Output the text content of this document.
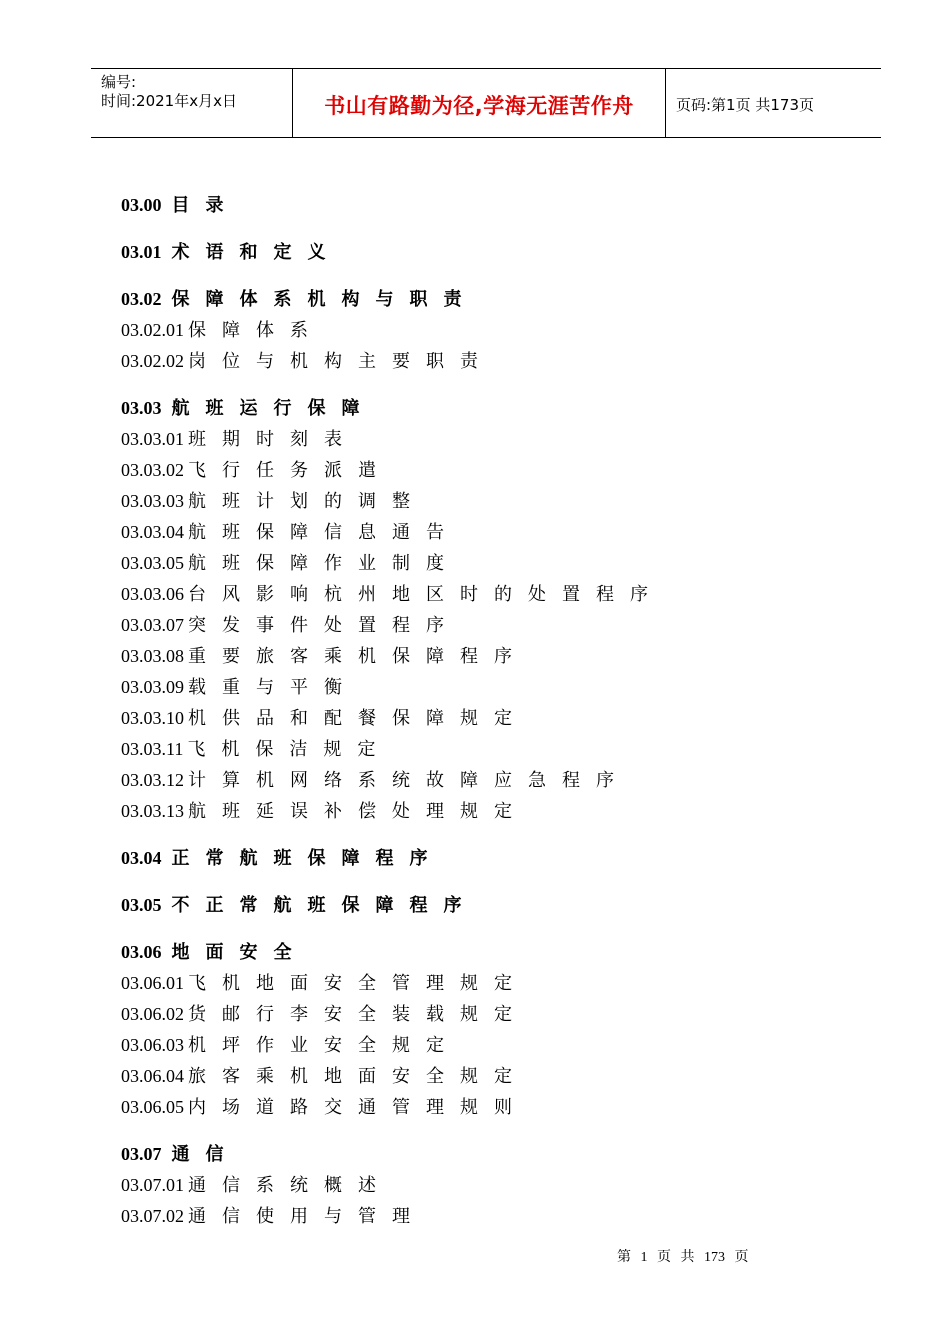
编号:
时间:2021年x月x日	书山有路勤为径,学海无涯苦作舟	页码:第1页 共173页
03.00 目录
03.01 术语和定义
03.02 保障体系机构与职责
03.02.01 保障体系
03.02.02 岗位与机构主要职责
03.03 航班运行保障
03.03.01 班期时刻表
03.03.02 飞行任务派遣
03.03.03 航班计划的调整
03.03.04 航班保障信息通告
03.03.05 航班保障作业制度
03.03.06 台风影响杭州地区时的处置程序
03.03.07 突发事件处置程序
03.03.08 重要旅客乘机保障程序
03.03.09 载重与平衡
03.03.10 机供品和配餐保障规定
03.03.11 飞机保洁规定
03.03.12 计算机网络系统故障应急程序
03.03.13 航班延误补偿处理规定
03.04 正常航班保障程序
03.05 不正常航班保障程序
03.06 地面安全
03.06.01 飞机地面安全管理规定
03.06.02 货邮行李安全装载规定
03.06.03 机坪作业安全规定
03.06.04 旅客乘机地面安全规定
03.06.05 内场道路交通管理规则
03.07 通信
03.07.01 通信系统概述
03.07.02 通信使用与管理
第 1 页 共 173 页
